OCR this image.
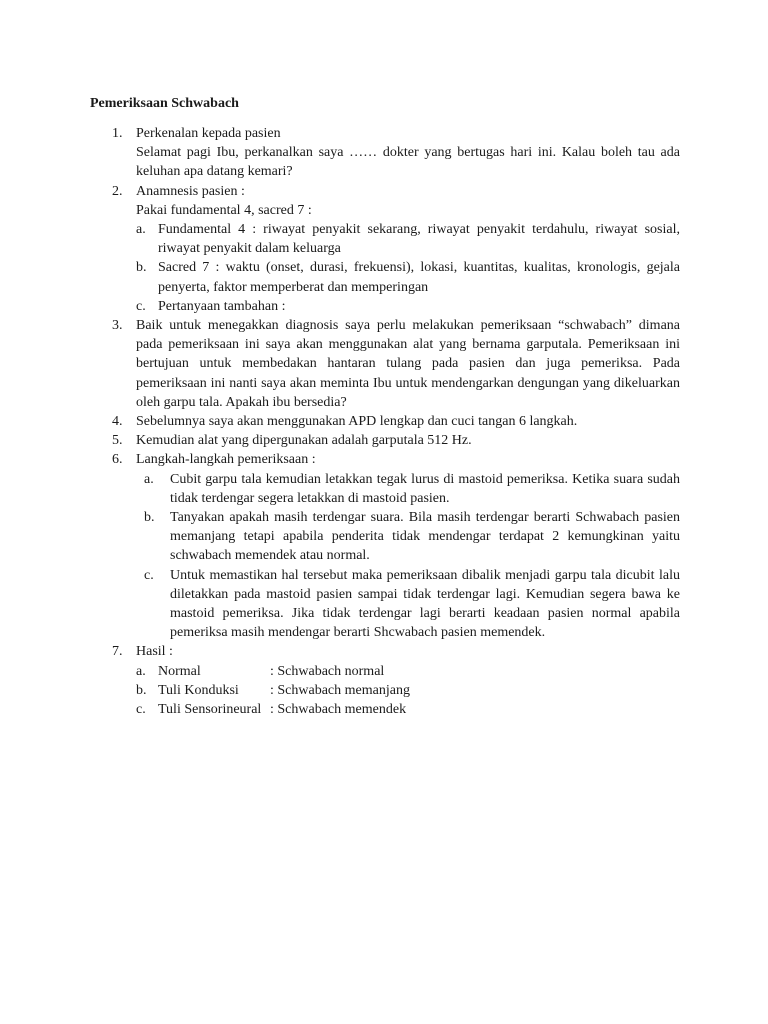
Pemeriksaan Schwabach
1. Perkenalan kepada pasien

Selamat pagi Ibu, perkanalkan saya …… dokter yang bertugas hari ini. Kalau boleh tau ada keluhan apa datang kemari?

2. Anamnesis pasien :

Pakai fundamental 4, sacred 7 :

a. Fundamental 4 : riwayat penyakit sekarang, riwayat penyakit terdahulu, riwayat sosial, riwayat penyakit dalam keluarga

b. Sacred 7 : waktu (onset, durasi, frekuensi), lokasi, kuantitas, kualitas, kronologis, gejala penyerta, faktor memperberat dan memperingan

c. Pertanyaan tambahan :

3. Baik untuk menegakkan diagnosis saya perlu melakukan pemeriksaan “schwabach” dimana pada pemeriksaan ini saya akan menggunakan alat yang bernama garputala. Pemeriksaan ini bertujuan untuk membedakan hantaran tulang pada pasien dan juga pemeriksa. Pada pemeriksaan ini nanti saya akan meminta Ibu untuk mendengarkan dengungan yang dikeluarkan oleh garpu tala. Apakah ibu bersedia?

4. Sebelumnya saya akan menggunakan APD lengkap dan cuci tangan 6 langkah.

5. Kemudian alat yang dipergunakan adalah garputala 512 Hz.

6. Langkah-langkah pemeriksaan :

a. Cubit garpu tala kemudian letakkan tegak lurus di mastoid pemeriksa. Ketika suara sudah tidak terdengar segera letakkan di mastoid pasien.

b. Tanyakan apakah masih terdengar suara. Bila masih terdengar berarti Schwabach pasien memanjang tetapi apabila penderita tidak mendengar terdapat 2 kemungkinan yaitu schwabach memendek atau normal.

c. Untuk memastikan hal tersebut maka pemeriksaan dibalik menjadi garpu tala dicubit lalu diletakkan pada mastoid pasien sampai tidak terdengar lagi. Kemudian segera bawa ke mastoid pemeriksa. Jika tidak terdengar lagi berarti keadaan pasien normal apabila pemeriksa masih mendengar berarti Shcwabach pasien memendek.

7. Hasil :

a. Normal	: Schwabach normal
b. Tuli Konduksi : Schwabach memanjang
c. Tuli Sensorineural : Schwabach memendek
